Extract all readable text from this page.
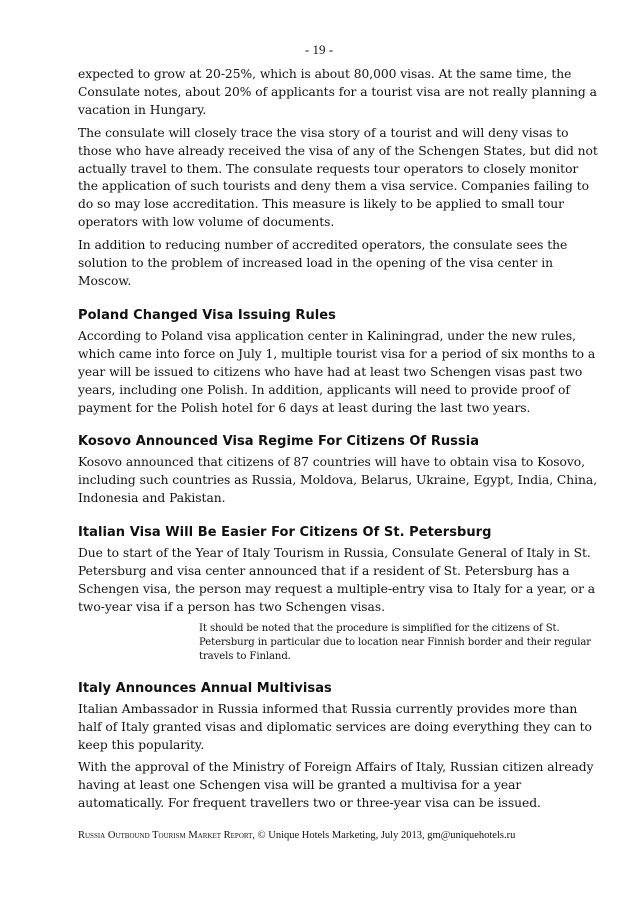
- 19 -

expected to grow at 20-25%, which is about 80,000 visas. At the same time, the Consulate notes, about 20% of applicants for a tourist visa are not really planning a vacation in Hungary.

The consulate will closely trace the visa story of a tourist and will deny visas to those who have already received the visa of any of the Schengen States, but did not actually travel to them. The consulate requests tour operators to closely monitor the application of such tourists and deny them a visa service. Companies failing to do so may lose accreditation. This measure is likely to be applied to small tour operators with low volume of documents.

In addition to reducing number of accredited operators, the consulate sees the solution to the problem of increased load in the opening of the visa center in Moscow.

Poland Changed Visa Issuing Rules

According to Poland visa application center in Kaliningrad, under the new rules, which came into force on July 1, multiple tourist visa for a period of six months to a year will be issued to citizens who have had at least two Schengen visas past two years, including one Polish. In addition, applicants will need to provide proof of payment for the Polish hotel for 6 days at least during the last two years.

Kosovo Announced Visa Regime For Citizens Of Russia

Kosovo announced that citizens of 87 countries will have to obtain visa to Kosovo, including such countries as Russia, Moldova, Belarus, Ukraine, Egypt, India, China, Indonesia and Pakistan.

Italian Visa Will Be Easier For Citizens Of St. Petersburg

Due to start of the Year of Italy Tourism in Russia, Consulate General of Italy in St. Petersburg and visa center announced that if a resident of St. Petersburg has a Schengen visa, the person may request a multiple-entry visa to Italy for a year, or a two-year visa if a person has two Schengen visas.

It should be noted that the procedure is simplified for the citizens of St. Petersburg in particular due to location near Finnish border and their regular travels to Finland.
Italy Announces Annual Multivisas

Italian Ambassador in Russia informed that Russia currently provides more than half of Italy granted visas and diplomatic services are doing everything they can to keep this popularity.

With the approval of the Ministry of Foreign Affairs of Italy, Russian citizen already having at least one Schengen visa will be granted a multivisa for a year automatically. For frequent travellers two or three-year visa can be issued.

Russia Outbound Tourism Market Report, © Unique Hotels Marketing, July 2013, gm@uniquehotels.ru
